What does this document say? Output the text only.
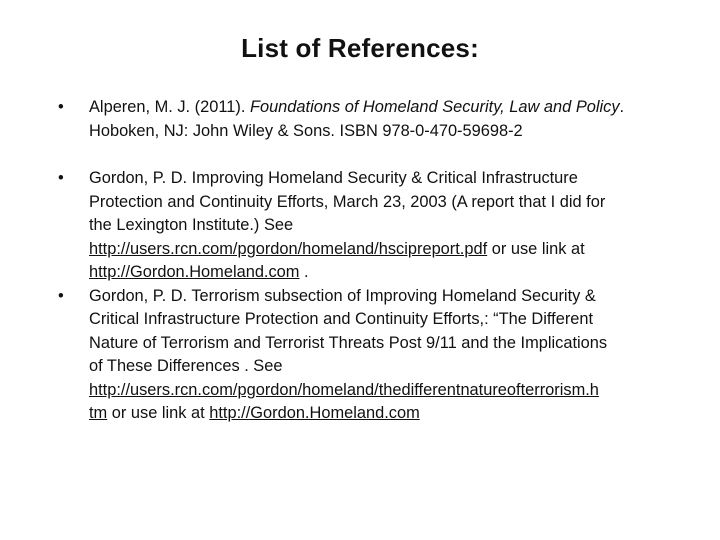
List of References:
• Alperen, M. J. (2011). Foundations of Homeland Security, Law and Policy.
Hoboken, NJ: John Wiley & Sons. ISBN 978-0-470-59698-2
• Gordon, P. D. Improving Homeland Security & Critical Infrastructure
Protection and Continuity Efforts, March 23, 2003 (A report that I did for
the Lexington Institute.) See
http://users.rcn.com/pgordon/homeland/hscipreport.pdf or use link at
http://Gordon.Homeland.com .
• Gordon, P. D. Terrorism subsection of Improving Homeland Security &
Critical Infrastructure Protection and Continuity Efforts,: “The Different
Nature of Terrorism and Terrorist Threats Post 9/11 and the Implications
of These Differences . See
http://users.rcn.com/pgordon/homeland/thedifferentnatureofterrorism.h
tm or use link at http://Gordon.Homeland.com
